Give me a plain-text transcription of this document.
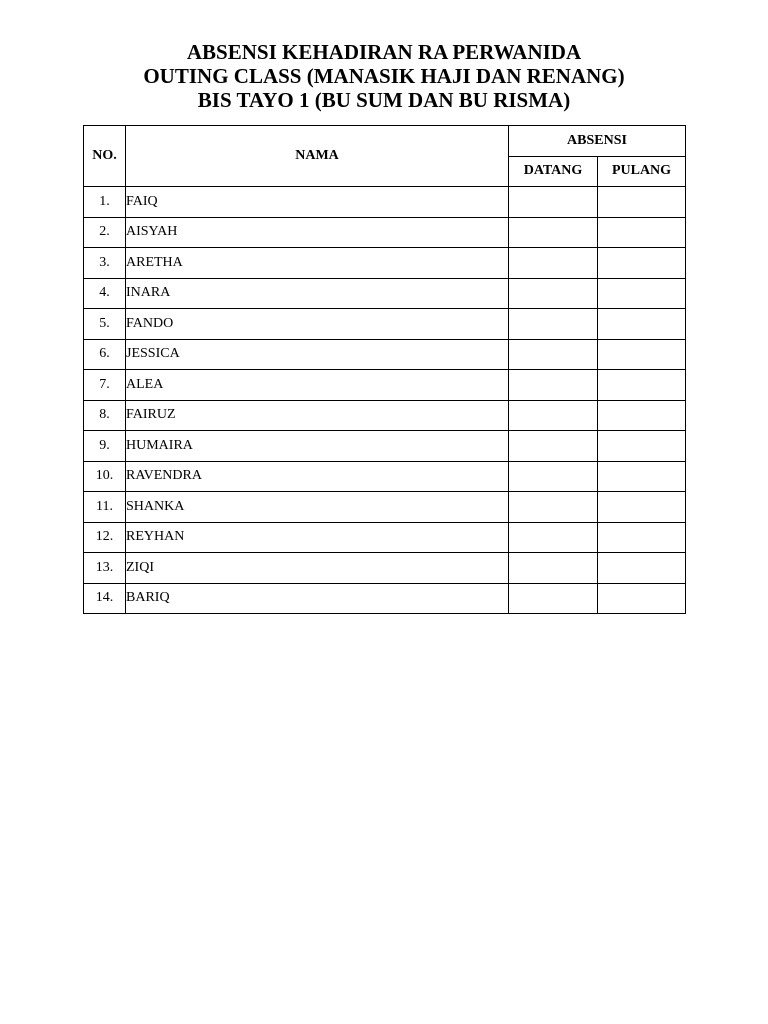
ABSENSI KEHADIRAN RA PERWANIDA
OUTING CLASS (MANASIK HAJI DAN RENANG)
BIS TAYO 1 (BU SUM DAN BU RISMA)
NO.	NAMA	ABSENSI	
		DATANG	PULANG
1.	FAIQ		
2.	AISYAH		
3.	ARETHA		
4.	INARA		
5.	FANDO		
6.	JESSICA		
7.	ALEA		
8.	FAIRUZ		
9.	HUMAIRA		
10.	RAVENDRA		
11.	SHANKA		
12.	REYHAN		
13.	ZIQI		
14.	BARIQ		
